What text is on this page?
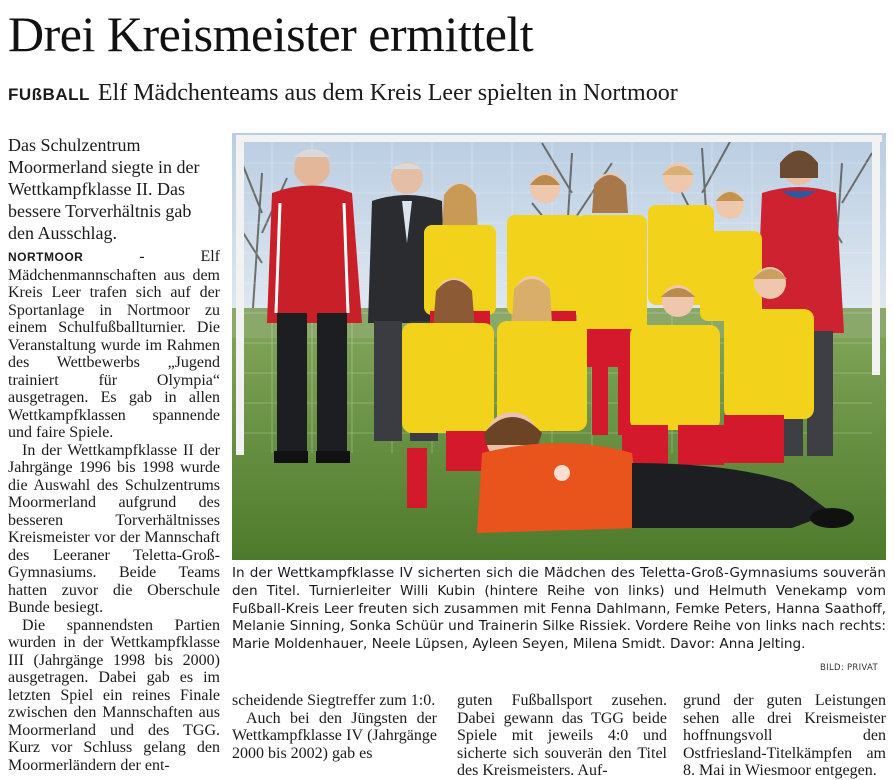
Drei Kreismeister ermittelt
FUßBALL Elf Mädchenteams aus dem Kreis Leer spielten in Nortmoor

Das Schulzentrum Moormerland siegte in der Wettkampfklasse II. Das bessere Torverhältnis gab den Ausschlag.

NORTMOOR - Elf Mädchenmannschaften aus dem Kreis Leer trafen sich auf der Sportanlage in Nortmoor zu einem Schulfußballturnier. Die Veranstaltung wurde im Rahmen des Wettbewerbs „Jugend trainiert für Olympia“ ausgetragen. Es gab in allen Wettkampfklassen spannende und faire Spiele.

In der Wettkampfklasse II der Jahrgänge 1996 bis 1998 wurde die Auswahl des Schulzentrums Moormerland aufgrund des besseren Torverhältnisses Kreismeister vor der Mannschaft des Leeraner Teletta-Groß-Gymnasiums. Beide Teams hatten zuvor die Oberschule Bunde besiegt.

Die spannendsten Partien wurden in der Wettkampfklasse III (Jahrgänge 1998 bis 2000) ausgetragen. Dabei gab es im letzten Spiel ein reines Finale zwischen den Mannschaften aus Moormerland und des TGG. Kurz vor Schluss gelang den Moormerländern der ent-

In der Wettkampfklasse IV sicherten sich die Mädchen des Teletta-Groß-Gymnasiums souverän den Titel. Turnierleiter Willi Kubin (hintere Reihe von links) und Helmuth Venekamp vom Fußball-Kreis Leer freuten sich zusammen mit Fenna Dahlmann, Femke Peters, Hanna Saathoff, Melanie Sinning, Sonka Schüür und Trainerin Silke Rissiek. Vordere Reihe von links nach rechts: Marie Moldenhauer, Neele Lüpsen, Ayleen Seyen, Milena Smidt. Davor: Anna Jelting.
BILD: PRIVAT

scheidende Siegtreffer zum 1:0.

Auch bei den Jüngsten der Wettkampfklasse IV (Jahrgänge 2000 bis 2002) gab es

guten Fußballsport zusehen. Dabei gewann das TGG beide Spiele mit jeweils 4:0 und sicherte sich souverän den Titel des Kreismeisters. Auf-

grund der guten Leistungen sehen alle drei Kreismeister hoffnungsvoll den Ostfriesland-Titelkämpfen am 8. Mai in Wiesmoor entgegen.
